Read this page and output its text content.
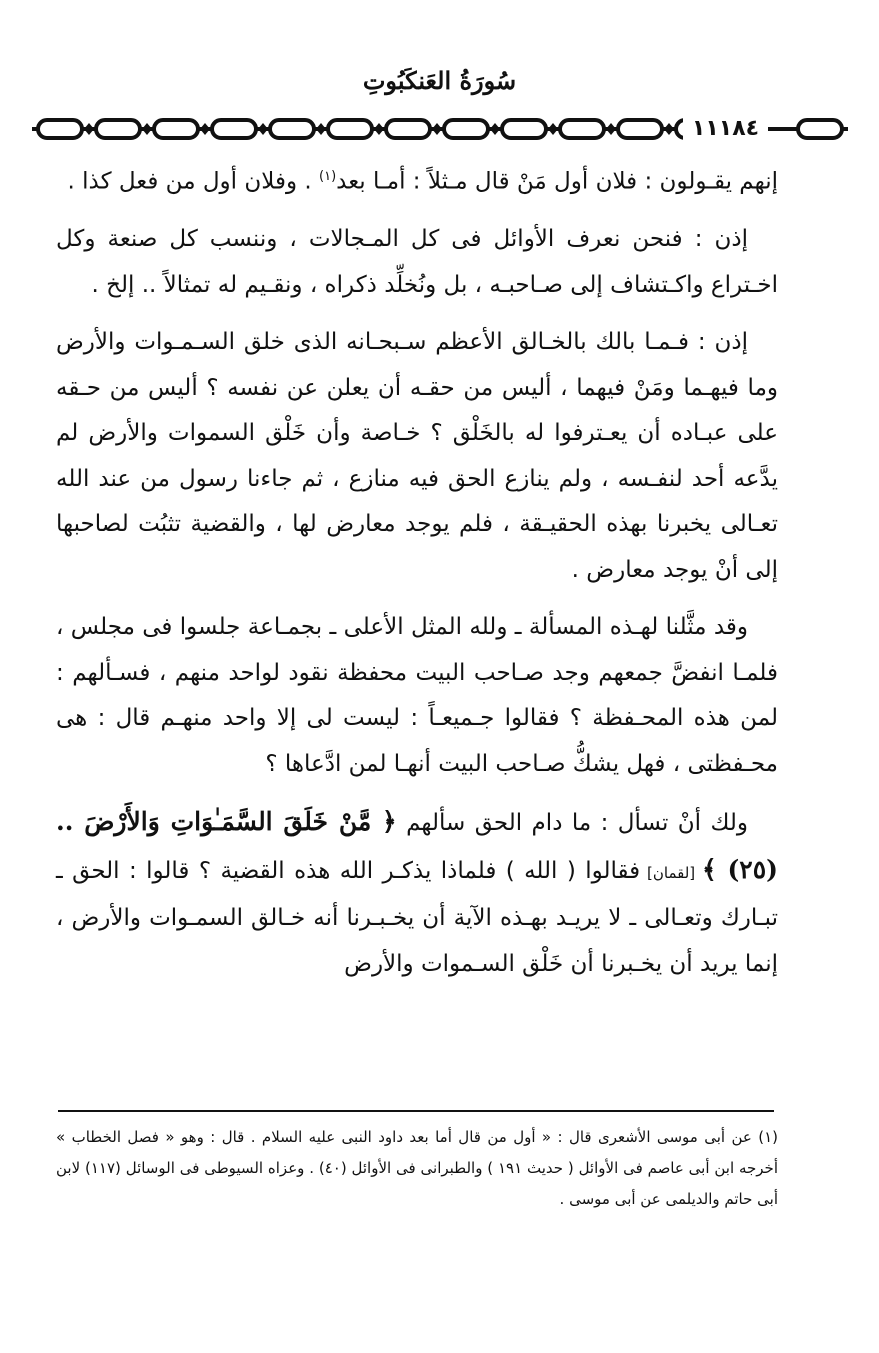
سُورَةُ العَنكَبُوتِ
١١١٨٤

إنهم يقـولون : فلان أول مَنْ قال مـثلاً : أمـا بعد$^{(١)}$ . وفلان أول من فعل كذا .

إذن : فنحن نعرف الأوائل فى كل المـجالات ، وننسب كل صنعة وكل اخـتراع واكـتشاف إلى صـاحبـه ، بل ونُخلِّد ذكراه ، ونقـيم له تمثالاً .. إلخ .

إذن : فـمـا بالك بالخـالق الأعظم سـبحـانه الذى خلق السـمـوات والأرض وما فيهـما ومَنْ فيهما ، أليس من حقـه أن يعلن عن نفسه ؟ أليس من حـقه على عبـاده أن يعـترفوا له بالخَلْق ؟ خـاصة وأن خَلْق السموات والأرض لم يدَّعه أحد لنفـسه ، ولم ينازع الحق فيه منازع ، ثم جاءنا رسول من عند الله تعـالى يخبرنا بهذه الحقيـقة ، فلم يوجد معارض لها ، والقضية تثبُت لصاحبها إلى أنْ يوجد معارض .

وقد مثَّلنا لهـذه المسألة ـ ولله المثل الأعلى ـ بجمـاعة جلسوا فى مجلس ، فلمـا انفضَّ جمعهم وجد صـاحب البيت محفظة نقود لواحد منهم ، فسـألهم : لمن هذه المحـفظة ؟ فقالوا جـميعـاً : ليست لى إلا واحد منهـم قال : هى محـفظتى ، فهل يشكُّ صـاحب البيت أنهـا لمن ادَّعاها ؟

ولك أنْ تسأل : ما دام الحق سألهم ﴿ مَّنْ خَلَقَ السَّمَـٰوَاتِ وَالأَرْضَ .. (٢٥) ﴾ [لقمان] فقالوا ( الله ) فلماذا يذكـر الله هذه القضية ؟ قالوا : الحق ـ تبـارك وتعـالى ـ لا يريـد بهـذه الآية أن يخـبـرنا أنه خـالق السمـوات والأرض ، إنما يريد أن يخـبرنا أن خَلْق السـموات والأرض

(١) عن أبى موسى الأشعرى قال : « أول من قال أما بعد داود النبى عليه السلام . قال : وهو « فصل الخطاب » أخرجه ابن أبى عاصم فى الأوائل ( حديث ١٩١ ) والطبرانى فى الأوائل (٤٠) . وعزاه السيوطى فى الوسائل (١١٧) لابن أبى حاتم والديلمى عن أبى موسى .
